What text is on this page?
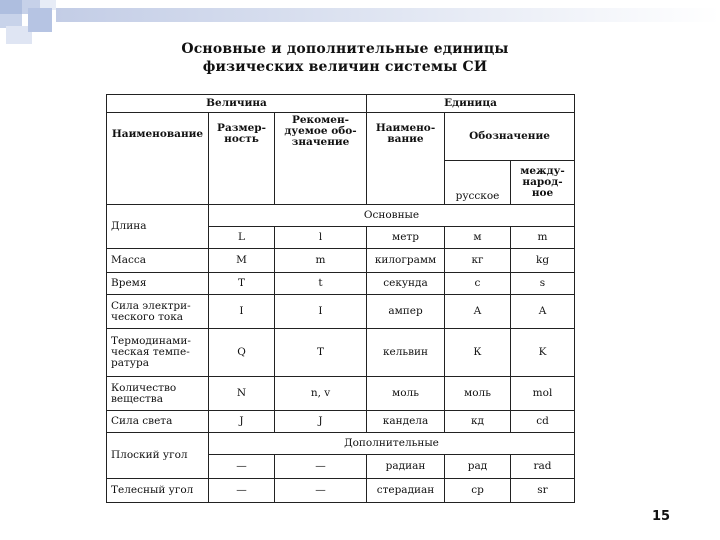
Основные и дополнительные единицы
физических величин системы СИ
Величина			Единица		
Наименование	Размер-ность	Рекомен-дуемое обо-значение	Наимено-вание	Обозначение	
				русское	между-народ-ное
Длина	Основные				
	L	l	метр	м	m
Масса	M	m	килограмм	кг	kg
Время	T	t	секунда	с	s
Сила электри-ческого тока	I	I	ампер	А	A
Термодинами-ческая темпе-ратура	Q	T	кельвин	К	K
Количество вещества	N	n, v	моль	моль	mol
Сила света	J	J	кандела	кд	cd
Плоский угол	Дополнительные				
	—	—	радиан	рад	rad
Телесный угол	—	—	стерадиан	ср	sr
15
